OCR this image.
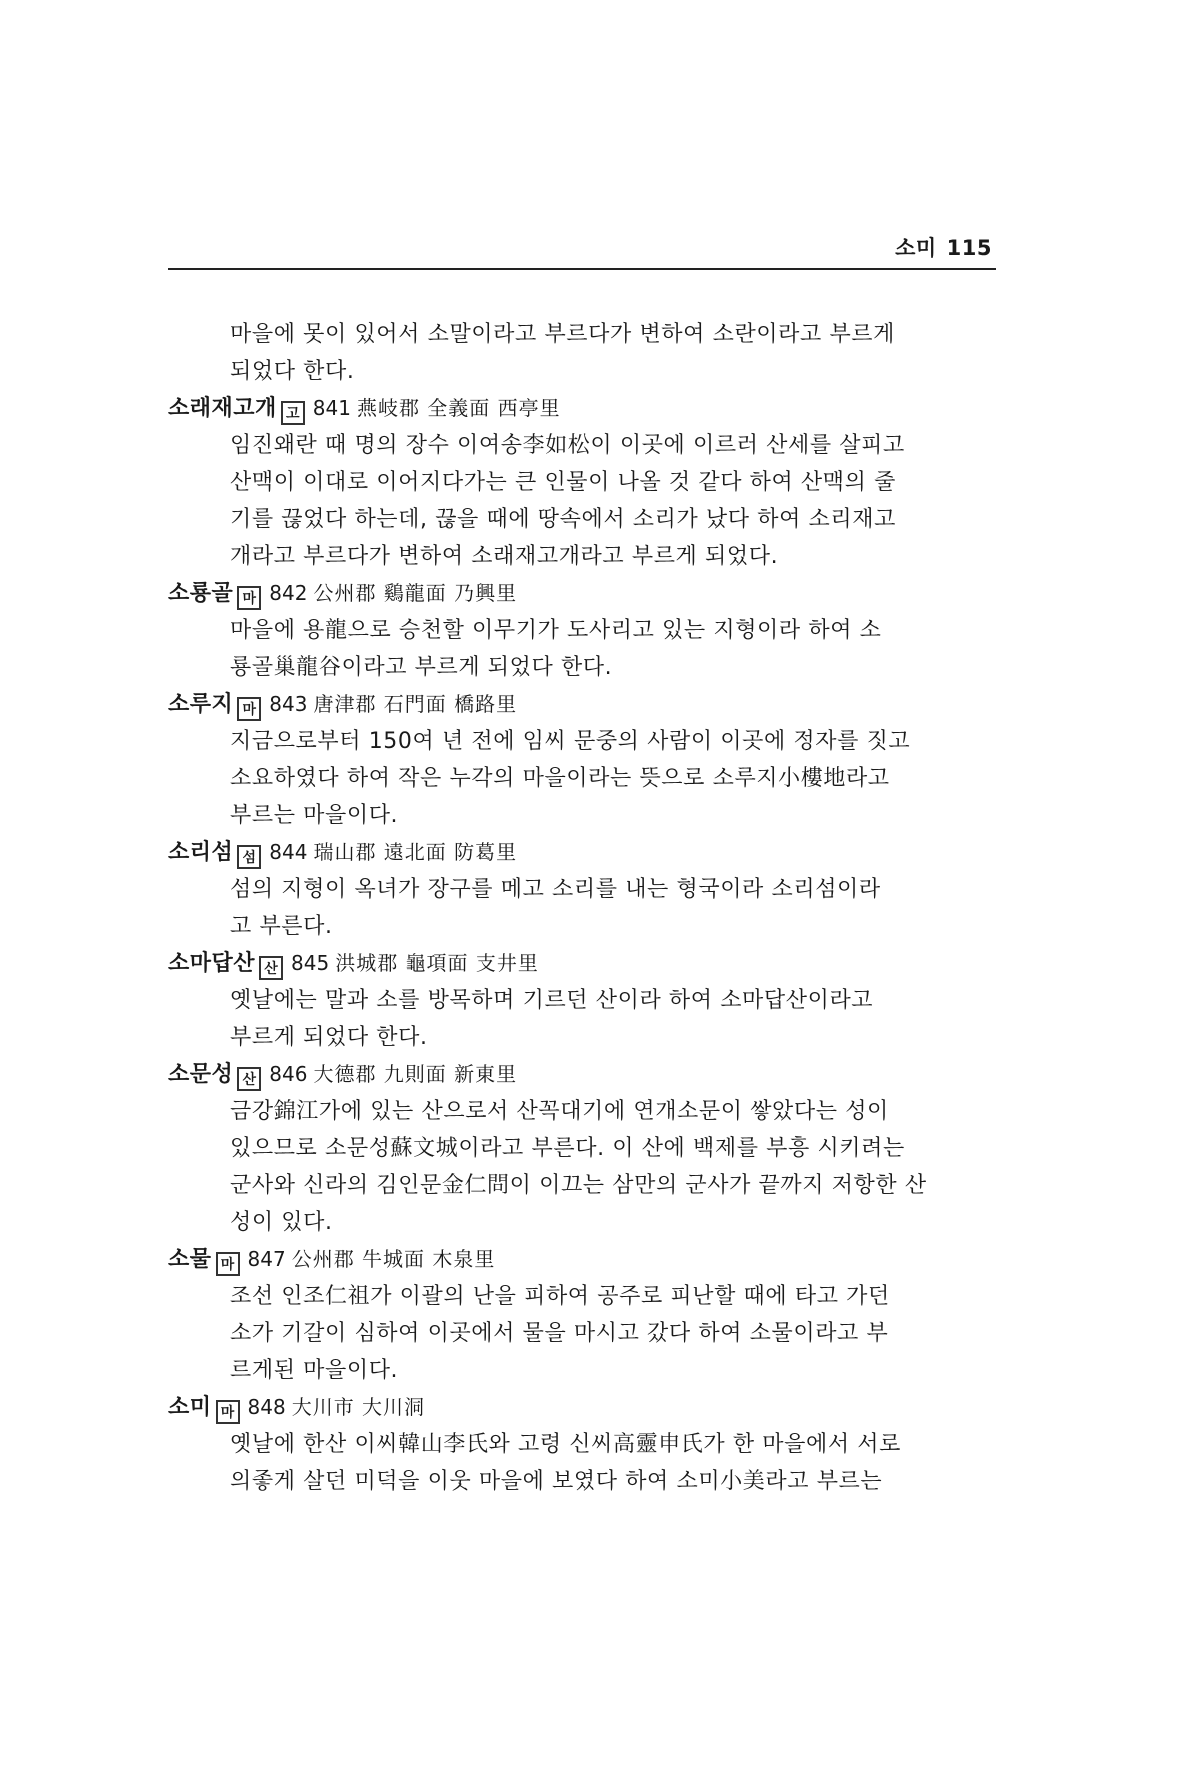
소미 115
마을에 못이 있어서 소말이라고 부르다가 변하여 소란이라고 부르게
되었다 한다.
소래재고개 고 841 燕岐郡 全義面 西亭里
임진왜란 때 명의 장수 이여송李如松이 이곳에 이르러 산세를 살피고
산맥이 이대로 이어지다가는 큰 인물이 나올 것 같다 하여 산맥의 줄
기를 끊었다 하는데, 끊을 때에 땅속에서 소리가 났다 하여 소리재고
개라고 부르다가 변하여 소래재고개라고 부르게 되었다.
소룡골 마 842 公州郡 鷄龍面 乃興里
마을에 용龍으로 승천할 이무기가 도사리고 있는 지형이라 하여 소
룡골巢龍谷이라고 부르게 되었다 한다.
소루지 마 843 唐津郡 石門面 橋路里
지금으로부터 150여 년 전에 임씨 문중의 사람이 이곳에 정자를 짓고
소요하였다 하여 작은 누각의 마을이라는 뜻으로 소루지小樓地라고
부르는 마을이다.
소리섬 섬 844 瑞山郡 遠北面 防葛里
섬의 지형이 옥녀가 장구를 메고 소리를 내는 형국이라 소리섬이라
고 부른다.
소마답산 산 845 洪城郡 龜項面 支井里
옛날에는 말과 소를 방목하며 기르던 산이라 하여 소마답산이라고
부르게 되었다 한다.
소문성 산 846 大德郡 九則面 新東里
금강錦江가에 있는 산으로서 산꼭대기에 연개소문이 쌓았다는 성이
있으므로 소문성蘇文城이라고 부른다. 이 산에 백제를 부흥 시키려는
군사와 신라의 김인문金仁問이 이끄는 삼만의 군사가 끝까지 저항한 산
성이 있다.
소물 마 847 公州郡 牛城面 木泉里
조선 인조仁祖가 이괄의 난을 피하여 공주로 피난할 때에 타고 가던
소가 기갈이 심하여 이곳에서 물을 마시고 갔다 하여 소물이라고 부
르게된 마을이다.
소미 마 848 大川市 大川洞
옛날에 한산 이씨韓山李氏와 고령 신씨高靈申氏가 한 마을에서 서로
의좋게 살던 미덕을 이웃 마을에 보였다 하여 소미小美라고 부르는
